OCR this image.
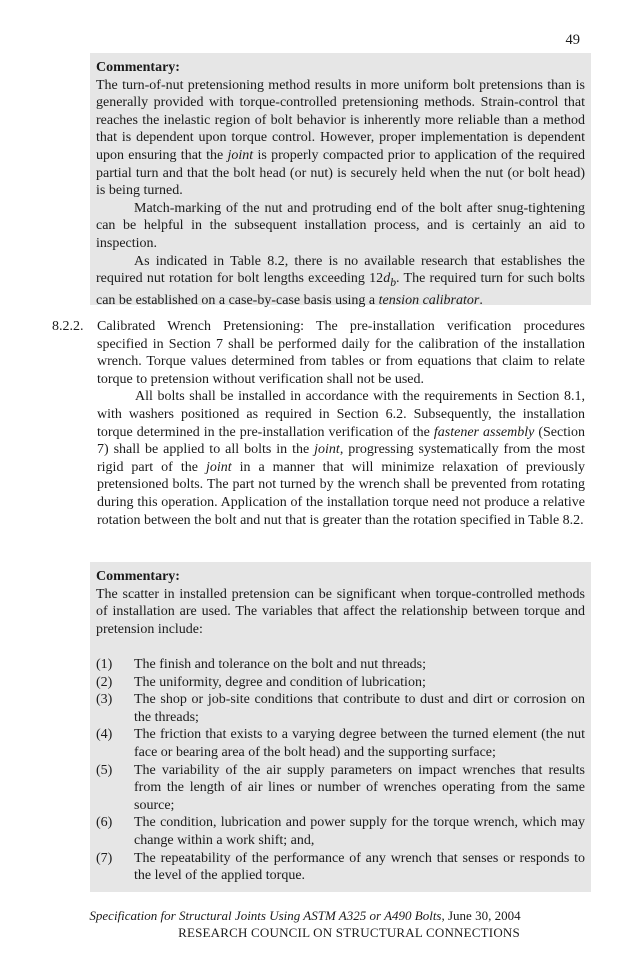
49

Commentary:

The turn-of-nut pretensioning method results in more uniform bolt pretensions than is generally provided with torque-controlled pretensioning methods. Strain-control that reaches the inelastic region of bolt behavior is inherently more reliable than a method that is dependent upon torque control. However, proper implementation is dependent upon ensuring that the joint is properly compacted prior to application of the required partial turn and that the bolt head (or nut) is securely held when the nut (or bolt head) is being turned.

Match-marking of the nut and protruding end of the bolt after snug-tightening can be helpful in the subsequent installation process, and is certainly an aid to inspection.

As indicated in Table 8.2, there is no available research that establishes the required nut rotation for bolt lengths exceeding $12d_b$. The required turn for such bolts can be established on a case-by-case basis using a tension calibrator.

8.2.2. Calibrated Wrench Pretensioning: The pre-installation verification procedures specified in Section 7 shall be performed daily for the calibration of the installation wrench. Torque values determined from tables or from equations that claim to relate torque to pretension without verification shall not be used.

All bolts shall be installed in accordance with the requirements in Section 8.1, with washers positioned as required in Section 6.2. Subsequently, the installation torque determined in the pre-installation verification of the fastener assembly (Section 7) shall be applied to all bolts in the joint, progressing systematically from the most rigid part of the joint in a manner that will minimize relaxation of previously pretensioned bolts. The part not turned by the wrench shall be prevented from rotating during this operation. Application of the installation torque need not produce a relative rotation between the bolt and nut that is greater than the rotation specified in Table 8.2.

Commentary:

The scatter in installed pretension can be significant when torque-controlled methods of installation are used. The variables that affect the relationship between torque and pretension include:

(1) The finish and tolerance on the bolt and nut threads;
(2) The uniformity, degree and condition of lubrication;
(3) The shop or job-site conditions that contribute to dust and dirt or corrosion on the threads;
(4) The friction that exists to a varying degree between the turned element (the nut face or bearing area of the bolt head) and the supporting surface;
(5) The variability of the air supply parameters on impact wrenches that results from the length of air lines or number of wrenches operating from the same source;
(6) The condition, lubrication and power supply for the torque wrench, which may change within a work shift; and,
(7) The repeatability of the performance of any wrench that senses or responds to the level of the applied torque.
Specification for Structural Joints Using ASTM A325 or A490 Bolts, June 30, 2004
RESEARCH COUNCIL ON STRUCTURAL CONNECTIONS
